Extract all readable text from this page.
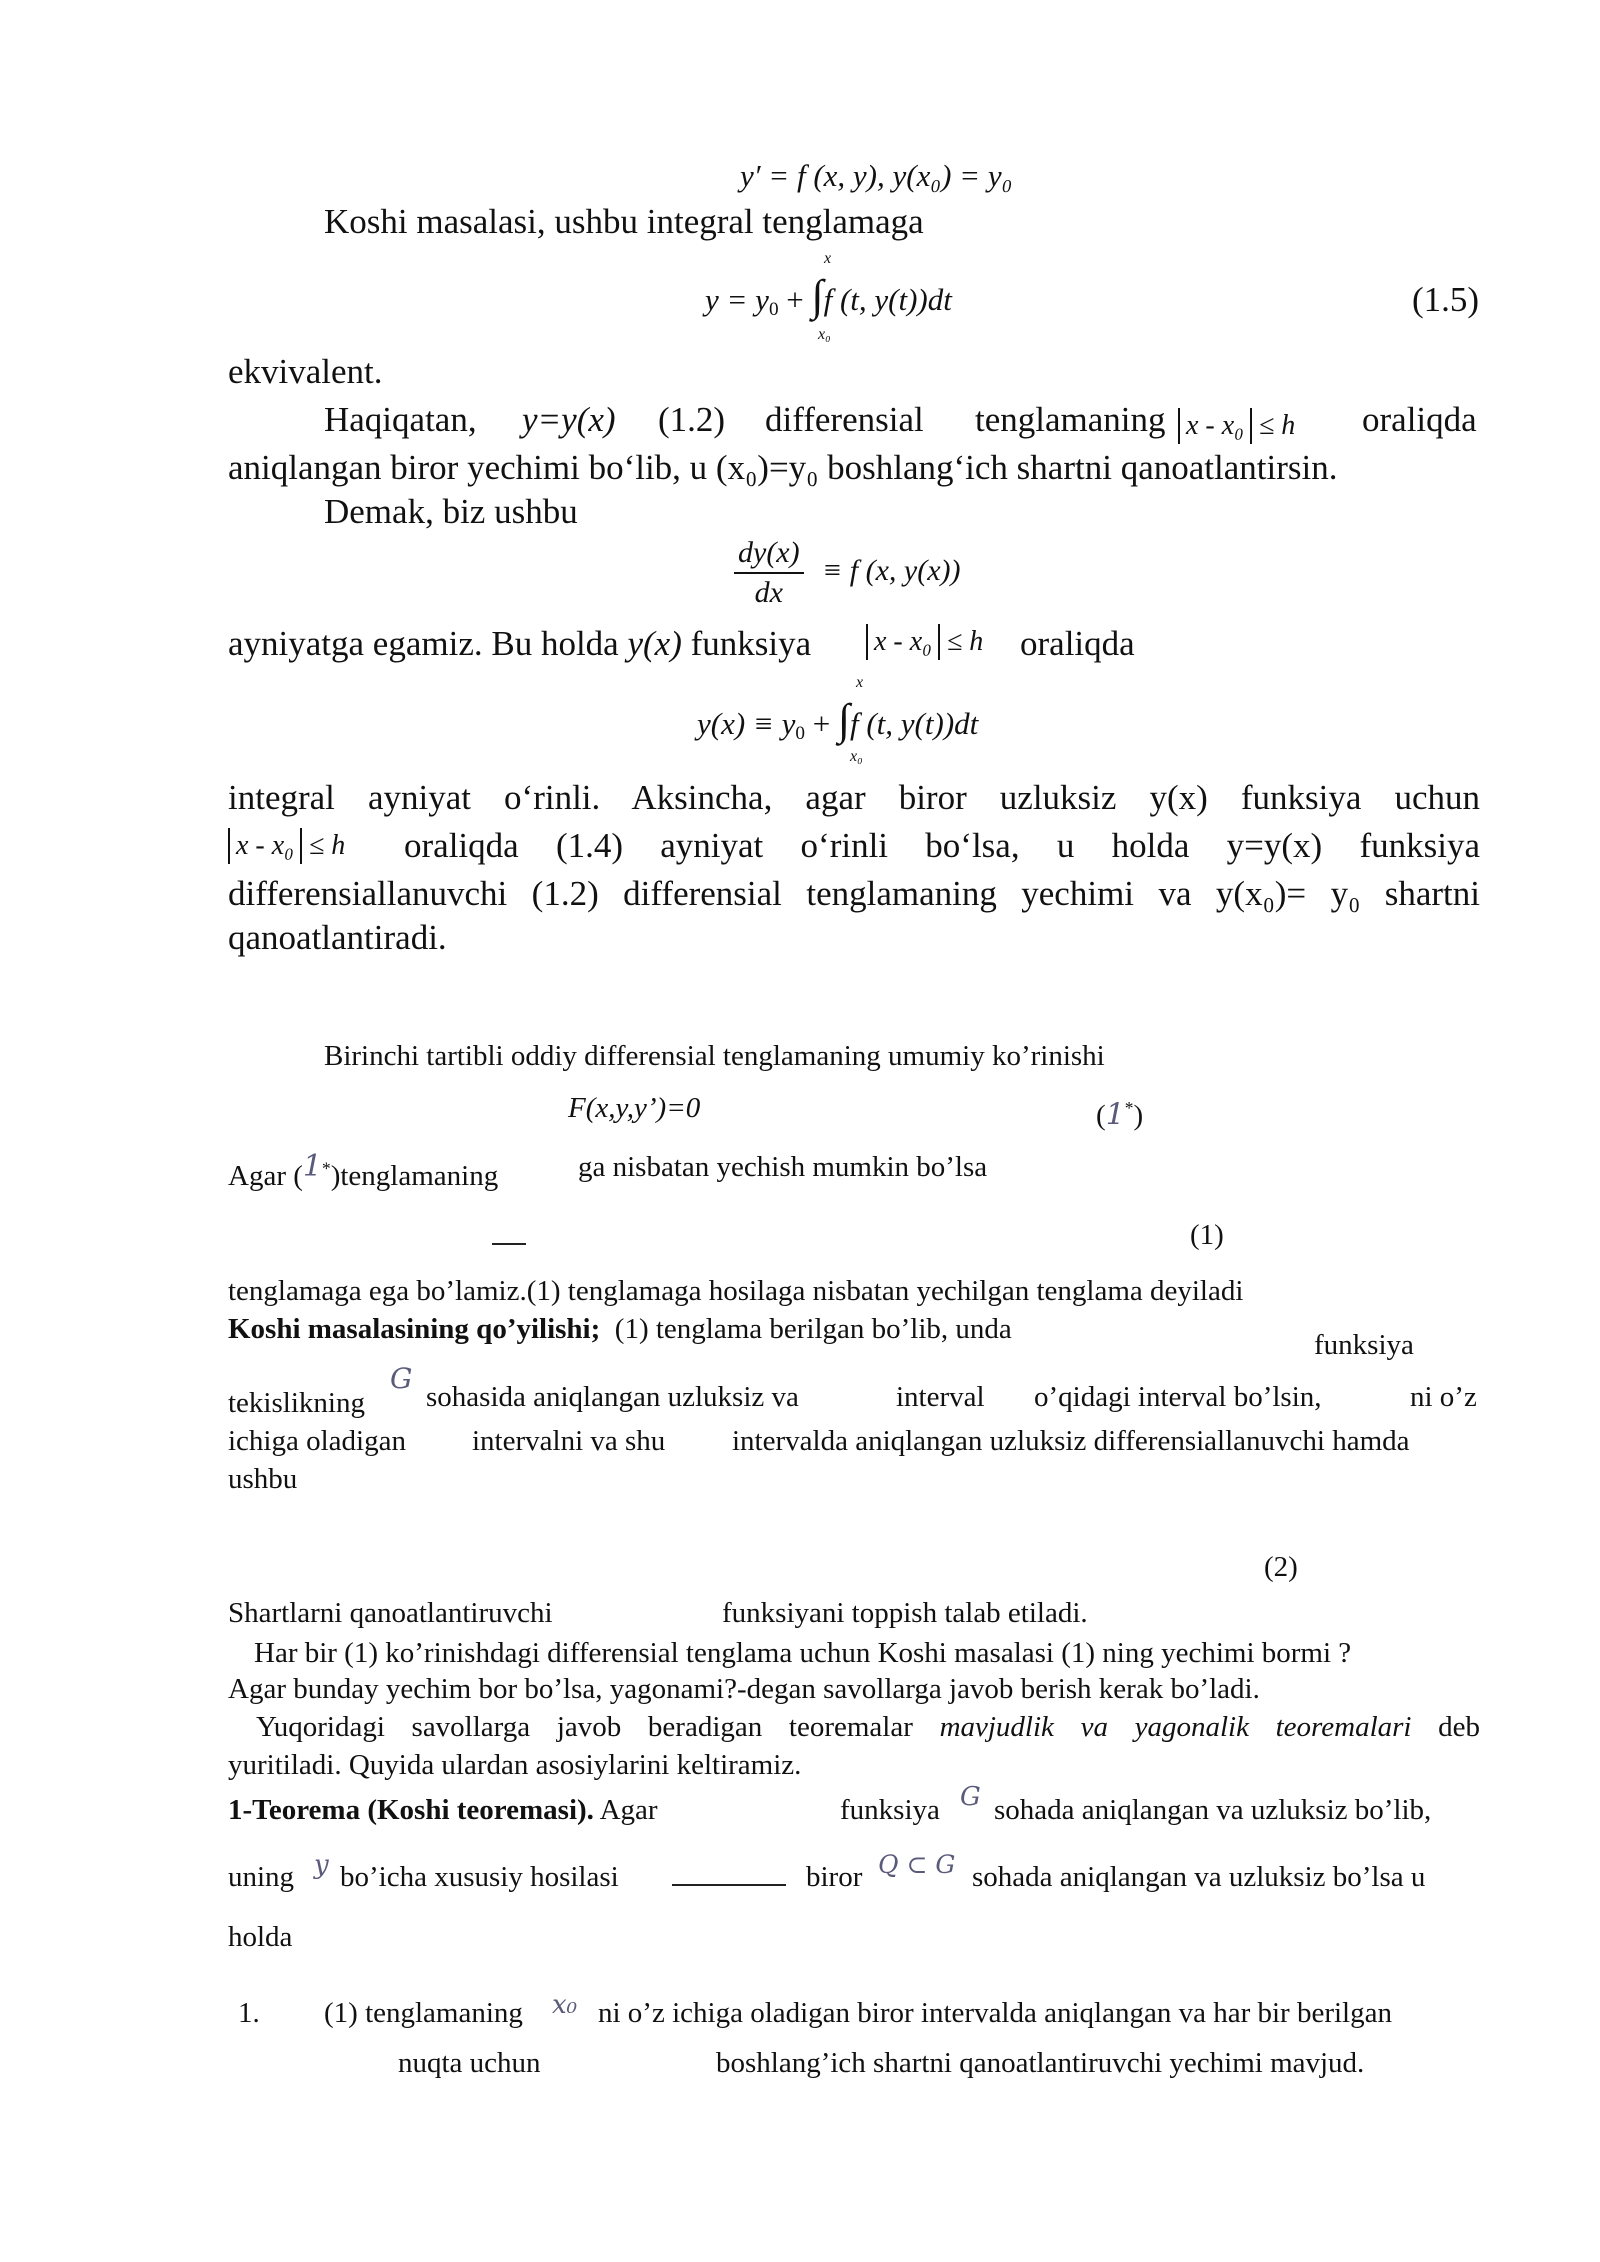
y′ = f (x, y), y(x₀) = y₀
Koshi masalasi, ushbu integral tenglamaga
$y = y_0 + \int f$ (t, y(t))dt
x
x₀
(1.5)
ekvivalent.
Haqiqatan, y=y(x) (1.2) differensial tenglamaning x - x₀ ≤ h oraliqda
aniqlangan biror yechimi bo‘lib, u (x₀)=y₀ boshlang‘ich shartni qanoatlantirsin.
Demak, biz ushbu
$\frac{dy(x)}{dx} \equiv f$ (x, y(x))
ayniyatga egamiz. Bu holda y(x) funksiya x - x₀ ≤ h oraliqda
$y(x) \equiv y_0 + \int f$ (t, y(t))dt
x
x₀
integral ayniyat o‘rinli. Aksincha, agar biror uzluksiz y(x) funksiya uchun
x - x₀ ≤ h oraliqda (1.4) ayniyat o‘rinli bo‘lsa, u holda y=y(x) funksiya
differensiallanuvchi (1.2) differensial tenglamaning yechimi va y(x₀)= y₀ shartni
qanoatlantiradi.
Birinchi tartibli oddiy differensial tenglamaning umumiy ko’rinishi
F(x,y,y’)=0	(1*)
Agar (1*)tenglamaning	ga nisbatan yechish mumkin bo’lsa
(1)
tenglamaga ega bo’lamiz.(1) tenglamaga hosilaga nisbatan yechilgan tenglama deyiladi
Koshi masalasining qo’yilishi; (1) tenglama berilgan bo’lib, unda	funksiya
tekislikning
G
sohasida aniqlangan uzluksiz va	interval o’qidagi interval bo’lsin,	ni o’z
ichiga oladigan intervalni va shu intervalda aniqlangan uzluksiz differensiallanuvchi hamda
ushbu
(2)
Shartlarni qanoatlantiruvchi	funksiyani toppish talab etiladi.
Har bir (1) ko’rinishdagi differensial tenglama uchun Koshi masalasi (1) ning yechimi bormi ?
Agar bunday yechim bor bo’lsa, yagonami?-degan savollarga javob berish kerak bo’ladi.
Yuqoridagi savollarga javob beradigan teoremalar mavjudlik va yagonalik teoremalari deb
yuritiladi. Quyida ulardan asosiylarini keltiramiz.
1-Teorema (Koshi teoremasi). Agar	funksiya G sohada aniqlangan va uzluksiz bo’lib,
uning y bo’icha xususiy hosilasi	biror Q ⊂ G sohada aniqlangan va uzluksiz bo’lsa u
holda
1. (1) tenglamaning x₀ ni o’z ichiga oladigan biror intervalda aniqlangan va har bir berilgan
nuqta uchun	boshlang’ich shartni qanoatlantiruvchi yechimi mavjud.
